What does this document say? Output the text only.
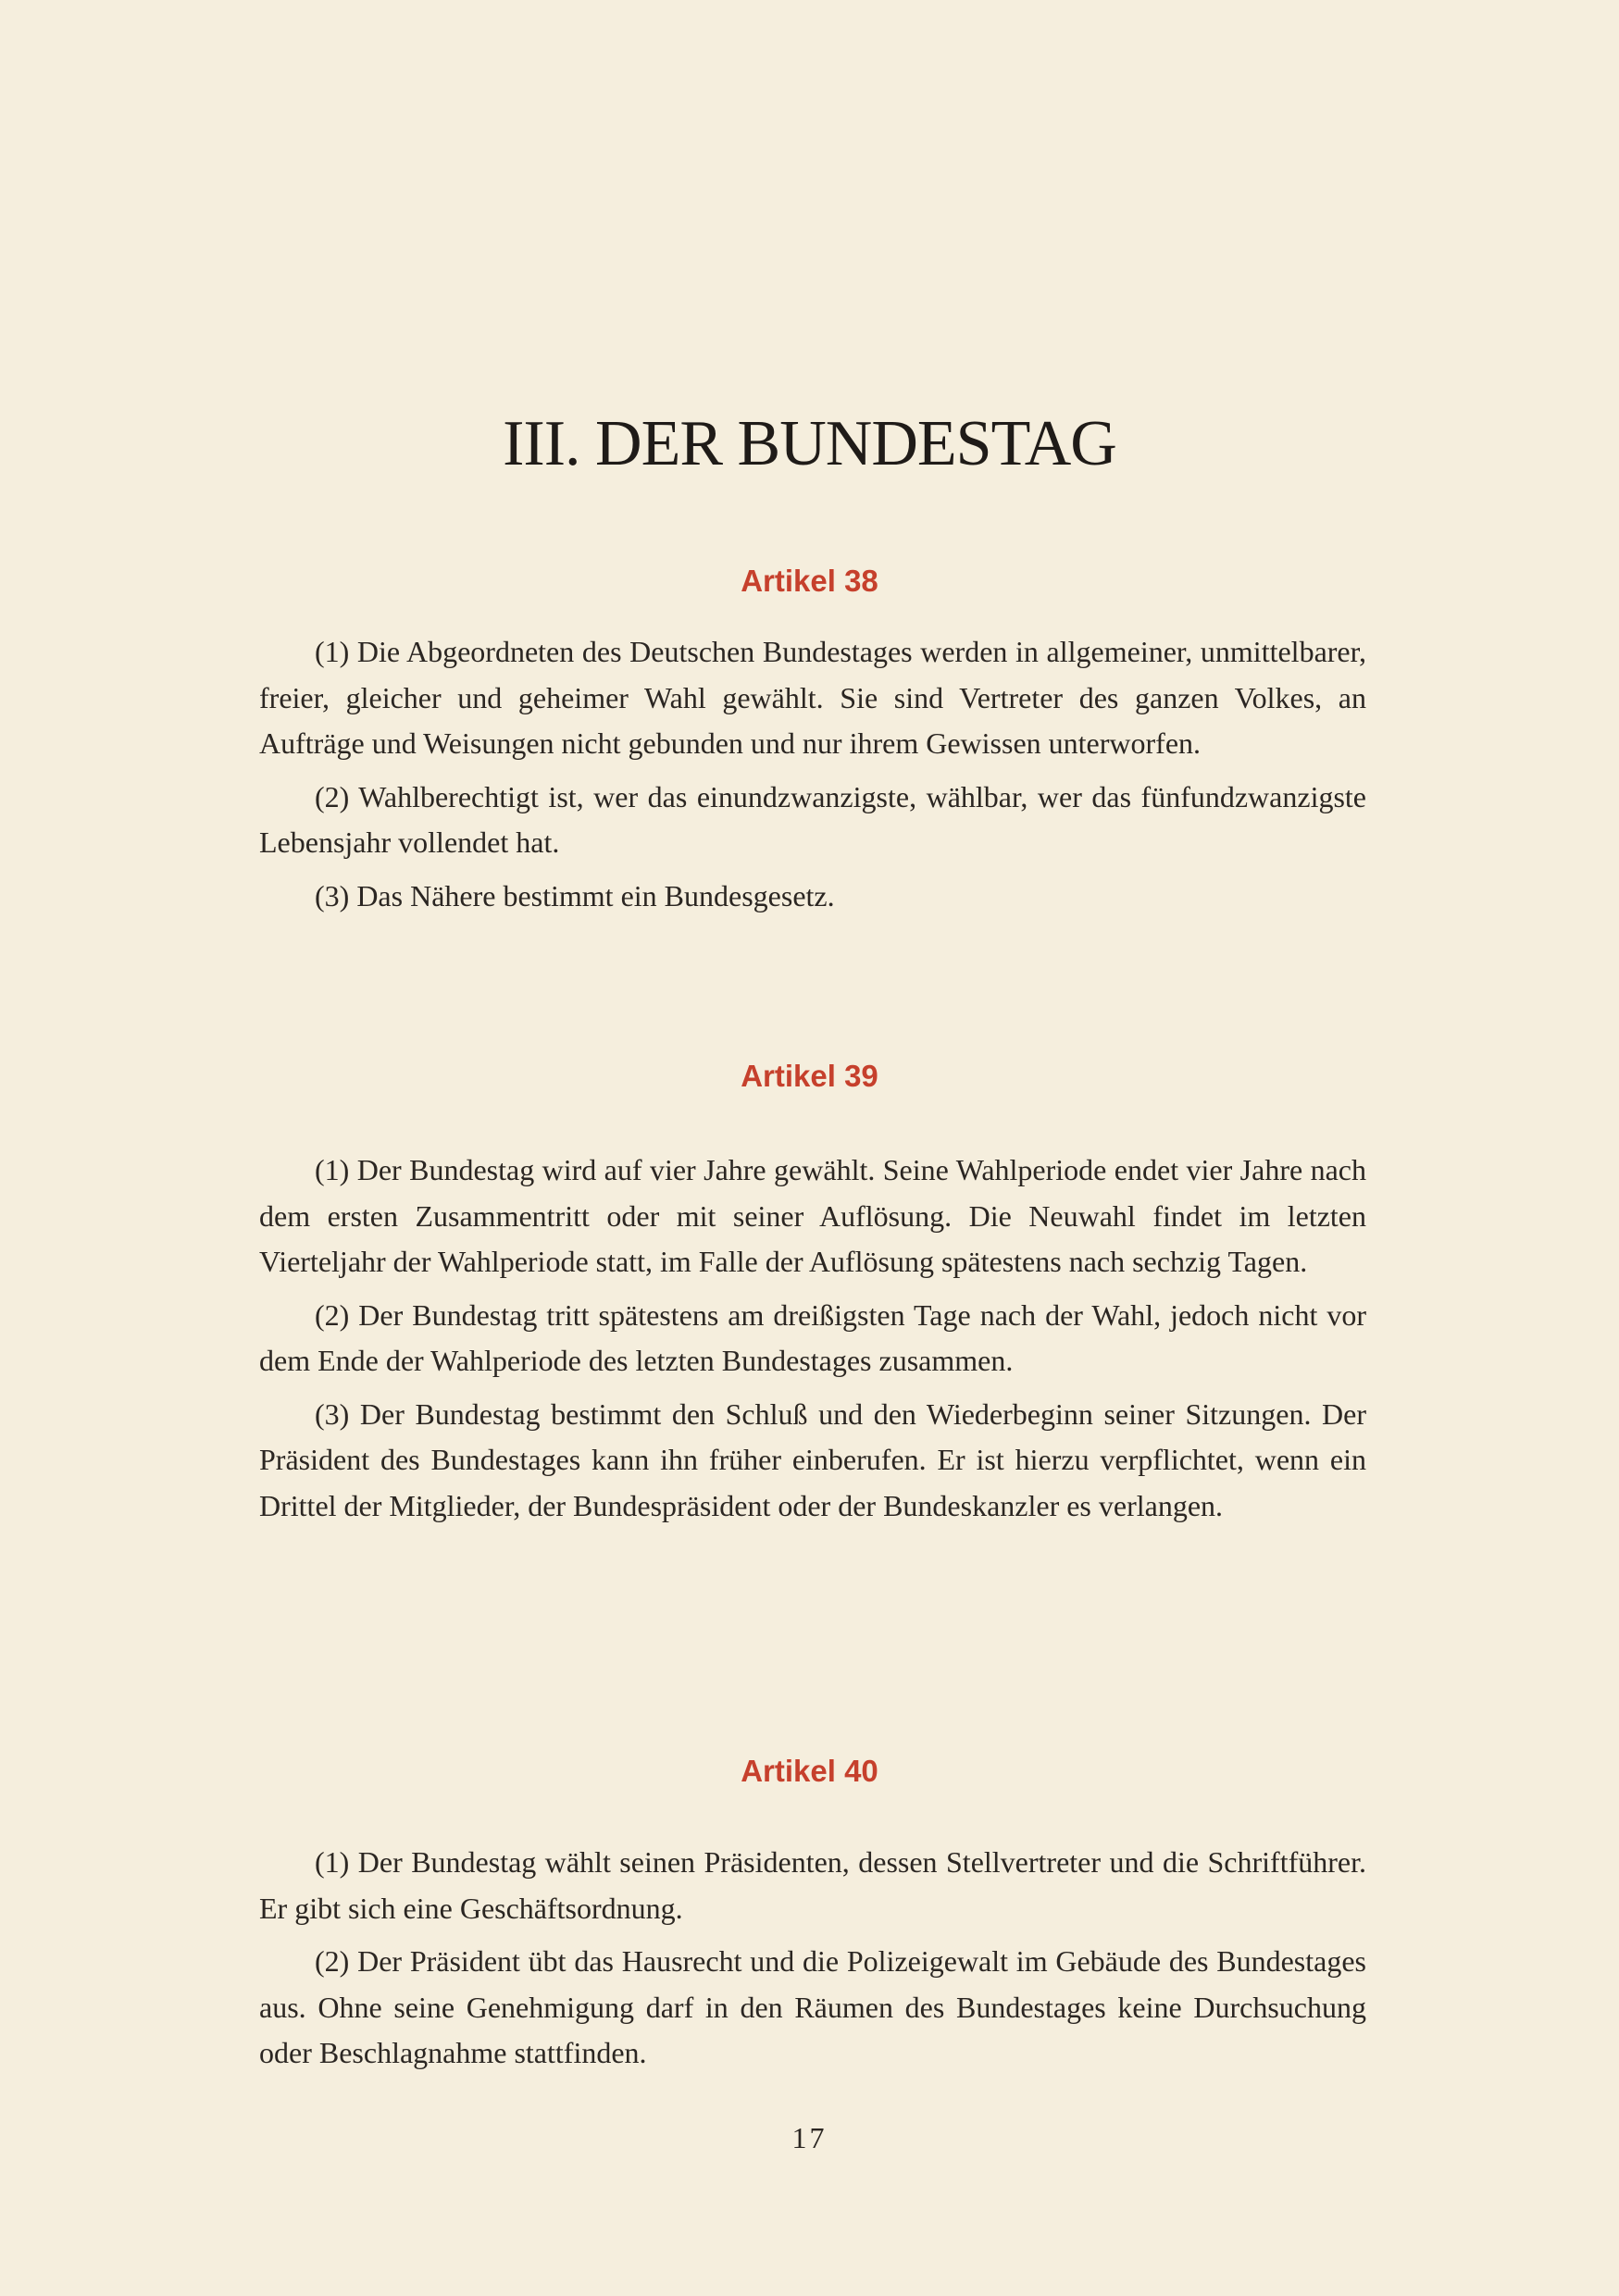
III. DER BUNDESTAG
Artikel 38

(1) Die Abgeordneten des Deutschen Bundestages werden in allgemeiner, unmittelbarer, freier, gleicher und geheimer Wahl gewählt. Sie sind Vertreter des ganzen Volkes, an Aufträge und Weisungen nicht gebunden und nur ihrem Gewissen unterworfen.

(2) Wahlberechtigt ist, wer das einundzwanzigste, wählbar, wer das fünfundzwanzigste Lebensjahr vollendet hat.

(3) Das Nähere bestimmt ein Bundesgesetz.

Artikel 39

(1) Der Bundestag wird auf vier Jahre gewählt. Seine Wahlperiode endet vier Jahre nach dem ersten Zusammentritt oder mit seiner Auflösung. Die Neuwahl findet im letzten Vierteljahr der Wahlperiode statt, im Falle der Auflösung spätestens nach sechzig Tagen.

(2) Der Bundestag tritt spätestens am dreißigsten Tage nach der Wahl, jedoch nicht vor dem Ende der Wahlperiode des letzten Bundestages zusammen.

(3) Der Bundestag bestimmt den Schluß und den Wiederbeginn seiner Sitzungen. Der Präsident des Bundestages kann ihn früher einberufen. Er ist hierzu verpflichtet, wenn ein Drittel der Mitglieder, der Bundespräsident oder der Bundeskanzler es verlangen.

Artikel 40

(1) Der Bundestag wählt seinen Präsidenten, dessen Stellvertreter und die Schriftführer. Er gibt sich eine Geschäftsordnung.

(2) Der Präsident übt das Hausrecht und die Polizeigewalt im Gebäude des Bundestages aus. Ohne seine Genehmigung darf in den Räumen des Bundestages keine Durchsuchung oder Beschlagnahme stattfinden.

17
